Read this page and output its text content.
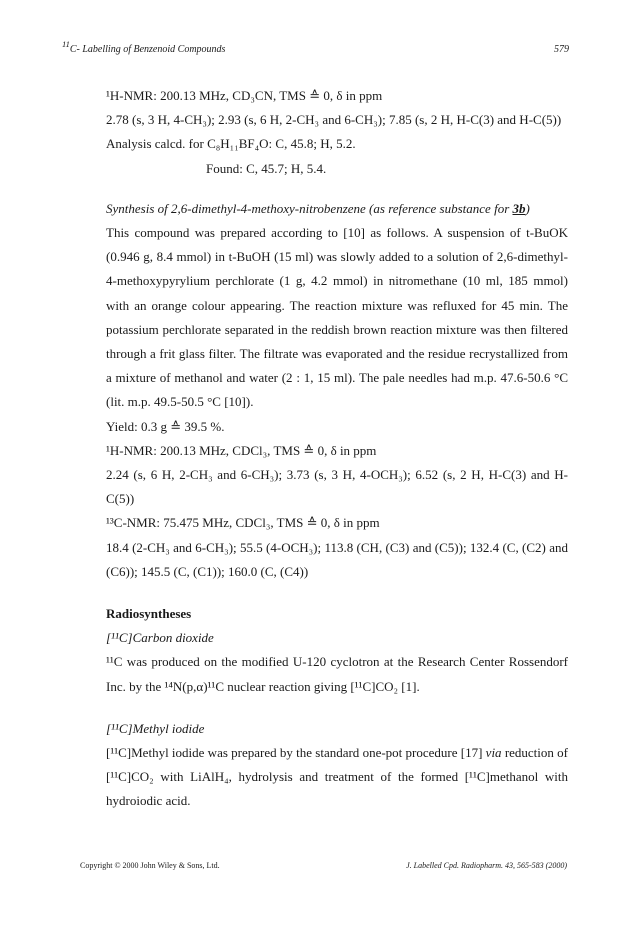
$^{11}$C- Labelling of Benzenoid Compounds	579

¹H-NMR: 200.13 MHz, CD₃CN, TMS ≙ 0, δ in ppm

2.78 (s, 3 H, 4-CH₃); 2.93 (s, 6 H, 2-CH₃ and 6-CH₃); 7.85 (s, 2 H, H-C(3) and H-C(5))

Analysis calcd. for C₈H₁₁BF₄O: C, 45.8; H, 5.2.

Found: C, 45.7; H, 5.4.

Synthesis of 2,6-dimethyl-4-methoxy-nitrobenzene (as reference substance for 3b)

This compound was prepared according to [10] as follows. A suspension of t-BuOK (0.946 g, 8.4 mmol) in t-BuOH (15 ml) was slowly added to a solution of 2,6-dimethyl-4-methoxypyrylium perchlorate (1 g, 4.2 mmol) in nitromethane (10 ml, 185 mmol) with an orange colour appearing. The reaction mixture was refluxed for 45 min. The potassium perchlorate separated in the reddish brown reaction mixture was then filtered through a frit glass filter. The filtrate was evaporated and the residue recrystallized from a mixture of methanol and water (2 : 1, 15 ml). The pale needles had m.p. 47.6-50.6 °C (lit. m.p. 49.5-50.5 °C [10]).

Yield: 0.3 g ≙ 39.5 %.

¹H-NMR: 200.13 MHz, CDCl₃, TMS ≙ 0, δ in ppm

2.24 (s, 6 H, 2-CH₃ and 6-CH₃); 3.73 (s, 3 H, 4-OCH₃); 6.52 (s, 2 H, H-C(3) and H-C(5))

¹³C-NMR: 75.475 MHz, CDCl₃, TMS ≙ 0, δ in ppm

18.4 (2-CH₃ and 6-CH₃); 55.5 (4-OCH₃); 113.8 (CH, (C3) and (C5)); 132.4 (C, (C2) and (C6)); 145.5 (C, (C1)); 160.0 (C, (C4))

Radiosyntheses

[¹¹C]Carbon dioxide

¹¹C was produced on the modified U-120 cyclotron at the Research Center Rossendorf Inc. by the ¹⁴N(p,α)¹¹C nuclear reaction giving [¹¹C]CO₂ [1].

[¹¹C]Methyl iodide

[¹¹C]Methyl iodide was prepared by the standard one-pot procedure [17] via reduction of [¹¹C]CO₂ with LiAlH₄, hydrolysis and treatment of the formed [¹¹C]methanol with hydroiodic acid.

Copyright © 2000 John Wiley & Sons, Ltd.	J. Labelled Cpd. Radiopharm. 43, 565-583 (2000)
